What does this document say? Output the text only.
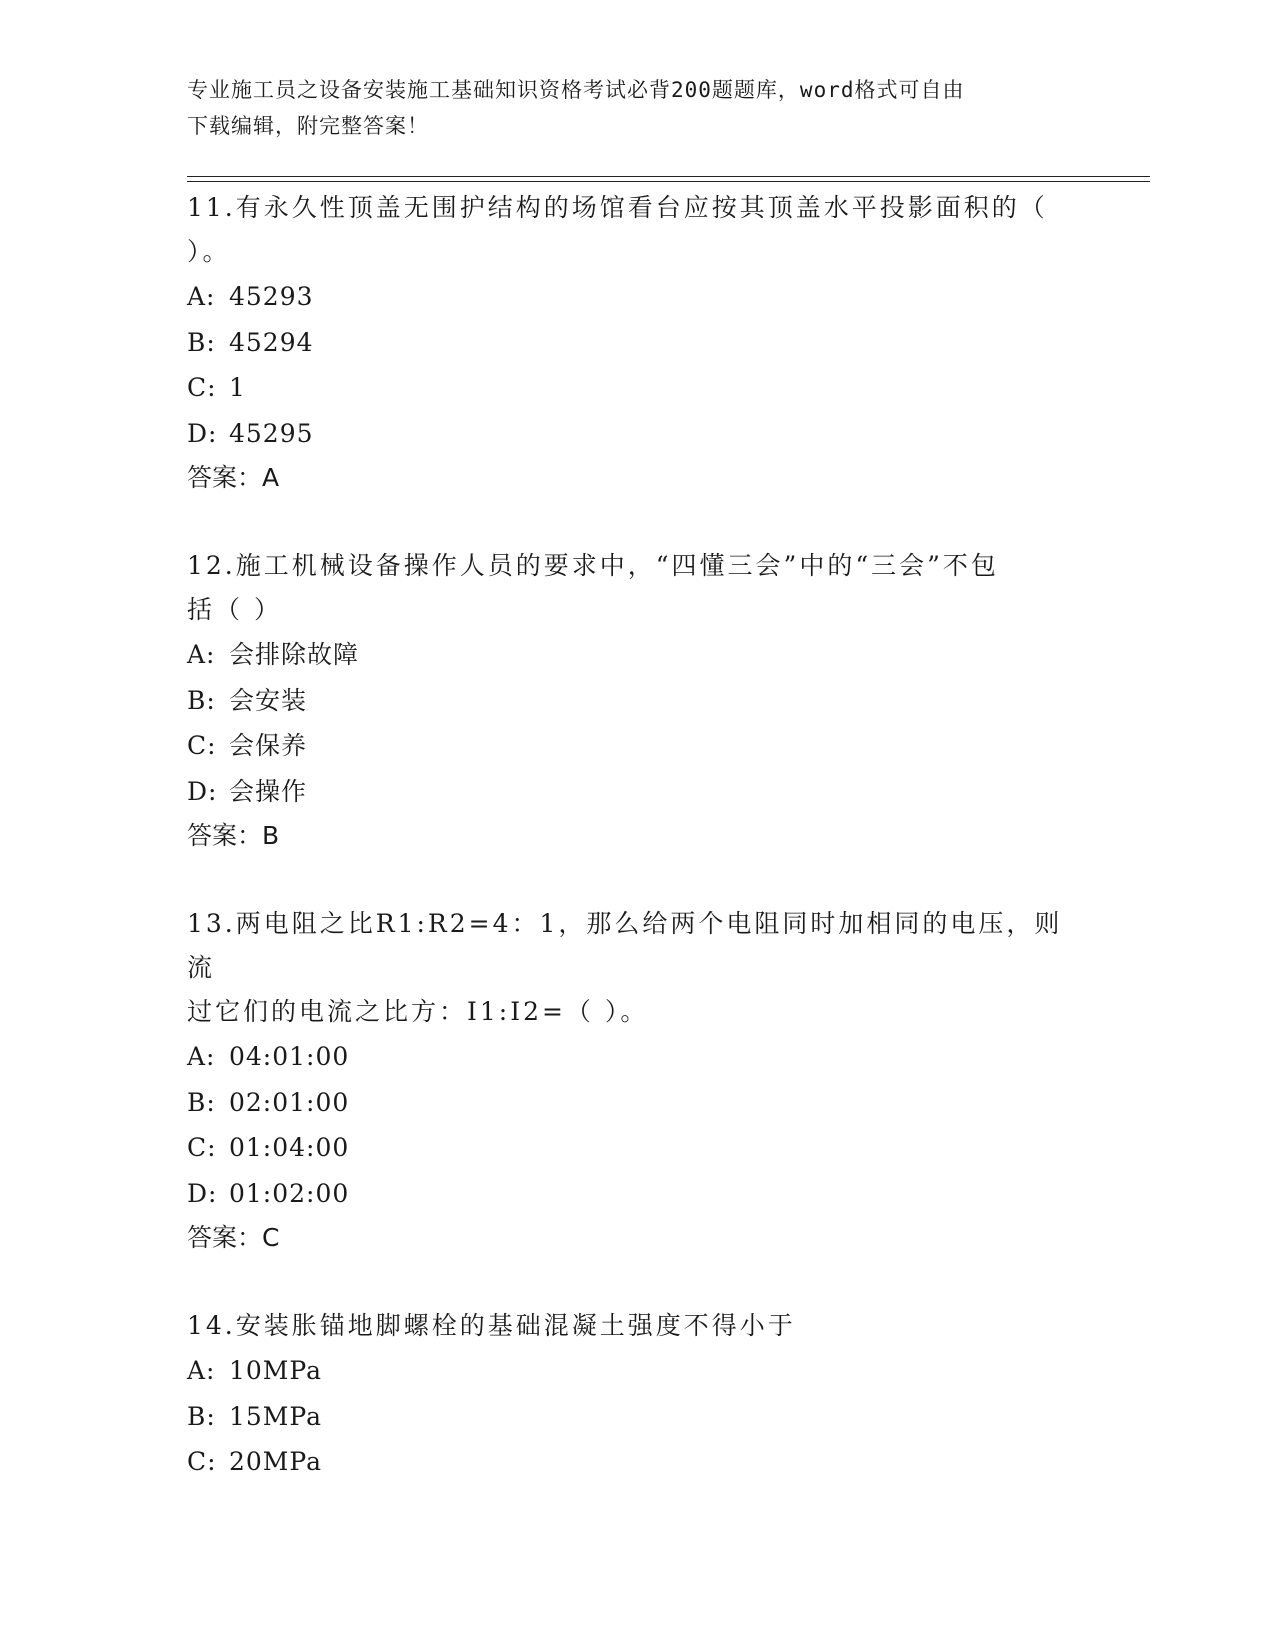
专业施工员之设备安装施工基础知识资格考试必背200题题库，word格式可自由
下载编辑，附完整答案！

11.有永久性顶盖无围护结构的场馆看台应按其顶盖水平投影面积的（

）。

A: 45293

B: 45294

C: 1

D: 45295

答案：A

12.施工机械设备操作人员的要求中，“四懂三会”中的“三会”不包

括（ ）

A: 会排除故障

B: 会安装

C: 会保养

D: 会操作

答案：B

13.两电阻之比R1:R2=4：1，那么给两个电阻同时加相同的电压，则流

过它们的电流之比方：I1:I2=（ ）。

A: 04:01:00

B: 02:01:00

C: 01:04:00

D: 01:02:00

答案：C

14.安装胀锚地脚螺栓的基础混凝土强度不得小于

A: 10MPa

B: 15MPa

C: 20MPa
